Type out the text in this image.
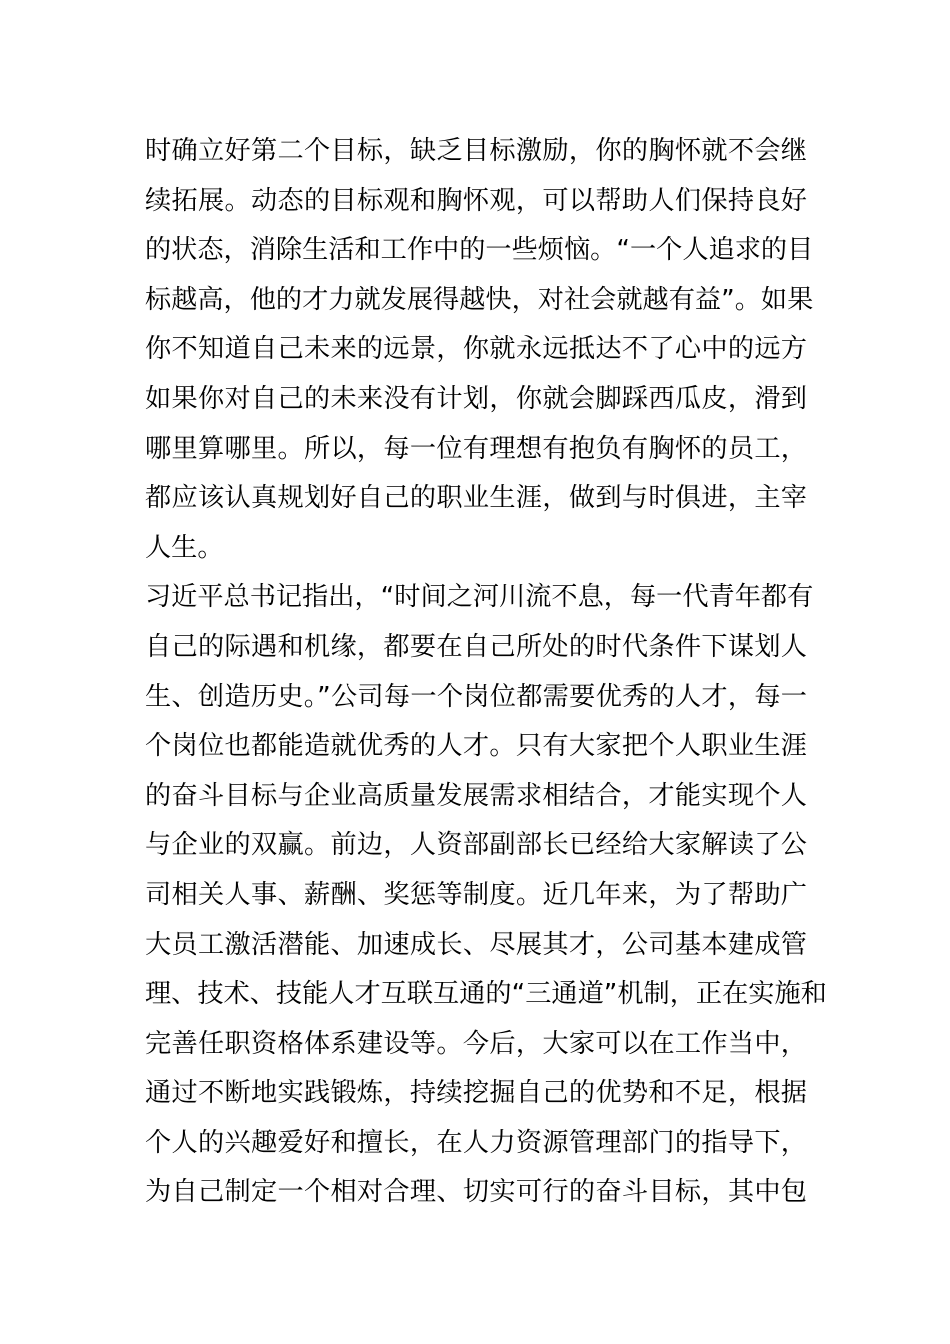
时确立好第二个目标，缺乏目标激励，你的胸怀就不会继
续拓展。动态的目标观和胸怀观，可以帮助人们保持良好
的状态，消除生活和工作中的一些烦恼。“一个人追求的目
标越高，他的才力就发展得越快，对社会就越有益”。如果
你不知道自己未来的远景，你就永远抵达不了心中的远方
如果你对自己的未来没有计划，你就会脚踩西瓜皮，滑到
哪里算哪里。所以，每一位有理想有抱负有胸怀的员工，
都应该认真规划好自己的职业生涯，做到与时俱进，主宰
人生。
习近平总书记指出，“时间之河川流不息，每一代青年都有
自己的际遇和机缘，都要在自己所处的时代条件下谋划人
生、创造历史。”公司每一个岗位都需要优秀的人才，每一
个岗位也都能造就优秀的人才。只有大家把个人职业生涯
的奋斗目标与企业高质量发展需求相结合，才能实现个人
与企业的双赢。前边，人资部副部长已经给大家解读了公
司相关人事、薪酬、奖惩等制度。近几年来，为了帮助广
大员工激活潜能、加速成长、尽展其才，公司基本建成管
理、技术、技能人才互联互通的“三通道”机制，正在实施和
完善任职资格体系建设等。今后，大家可以在工作当中，
通过不断地实践锻炼，持续挖掘自己的优势和不足，根据
个人的兴趣爱好和擅长，在人力资源管理部门的指导下，
为自己制定一个相对合理、切实可行的奋斗目标，其中包
